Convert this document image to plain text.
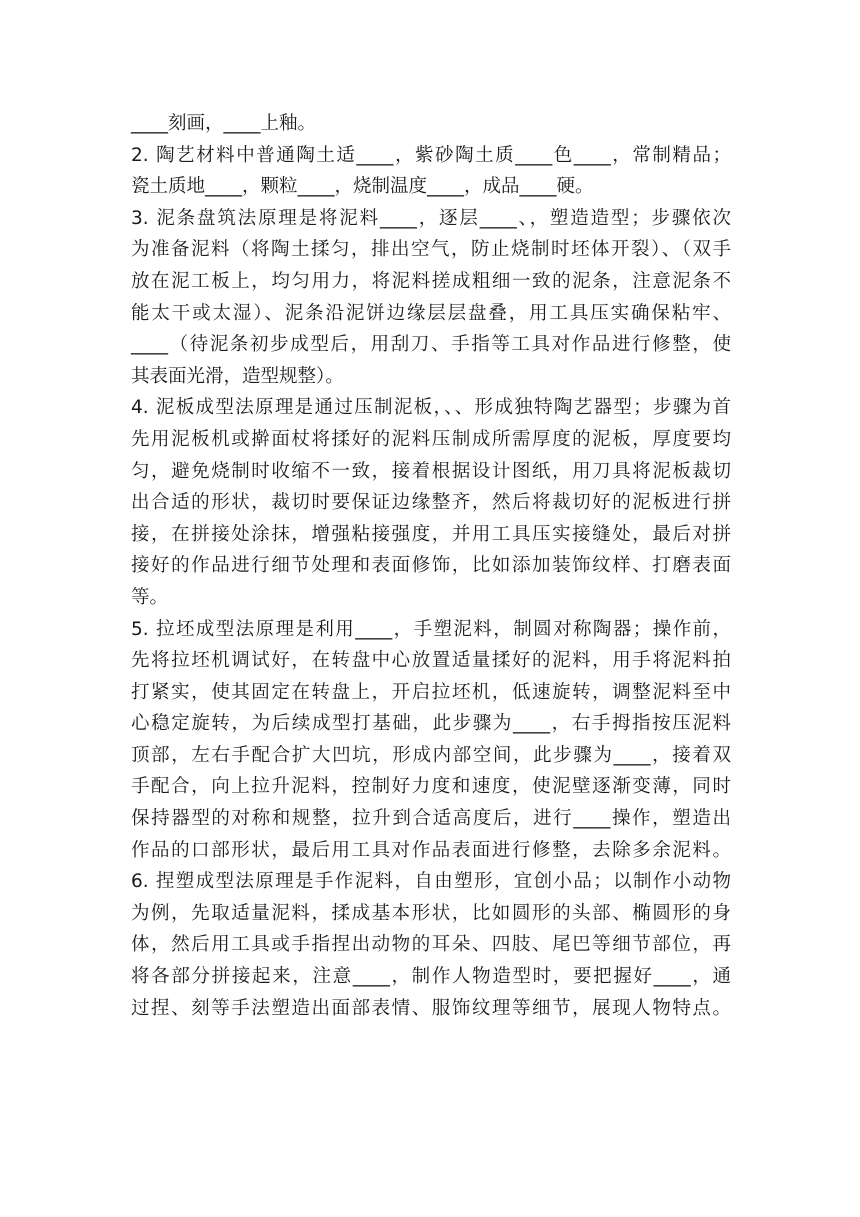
____刻画，____上釉。
2. 陶艺材料中普通陶土适____，紫砂陶土质____色____，常制精品；
瓷土质地____，颗粒____，烧制温度____，成品____硬。
3. 泥条盘筑法原理是将泥料____，逐层____、，塑造造型；步骤依次
为准备泥料（将陶土揉匀，排出空气，防止烧制时坯体开裂）、（双手
放在泥工板上，均匀用力，将泥料搓成粗细一致的泥条，注意泥条不
能太干或太湿）、泥条沿泥饼边缘层层盘叠，用工具压实确保粘牢、
____（待泥条初步成型后，用刮刀、手指等工具对作品进行修整，使
其表面光滑，造型规整）。
4. 泥板成型法原理是通过压制泥板，、、形成独特陶艺器型；步骤为首
先用泥板机或擀面杖将揉好的泥料压制成所需厚度的泥板，厚度要均
匀，避免烧制时收缩不一致，接着根据设计图纸，用刀具将泥板裁切
出合适的形状，裁切时要保证边缘整齐，然后将裁切好的泥板进行拼
接，在拼接处涂抹，增强粘接强度，并用工具压实接缝处，最后对拼
接好的作品进行细节处理和表面修饰，比如添加装饰纹样、打磨表面
等。
5. 拉坯成型法原理是利用____，手塑泥料，制圆对称陶器；操作前，
先将拉坯机调试好，在转盘中心放置适量揉好的泥料，用手将泥料拍
打紧实，使其固定在转盘上，开启拉坯机，低速旋转，调整泥料至中
心稳定旋转，为后续成型打基础，此步骤为____，右手拇指按压泥料
顶部，左右手配合扩大凹坑，形成内部空间，此步骤为____，接着双
手配合，向上拉升泥料，控制好力度和速度，使泥壁逐渐变薄，同时
保持器型的对称和规整，拉升到合适高度后，进行____操作，塑造出
作品的口部形状，最后用工具对作品表面进行修整，去除多余泥料。
6. 捏塑成型法原理是手作泥料，自由塑形，宜创小品；以制作小动物
为例，先取适量泥料，揉成基本形状，比如圆形的头部、椭圆形的身
体，然后用工具或手指捏出动物的耳朵、四肢、尾巴等细节部位，再
将各部分拼接起来，注意____，制作人物造型时，要把握好____，通
过捏、刻等手法塑造出面部表情、服饰纹理等细节，展现人物特点。
